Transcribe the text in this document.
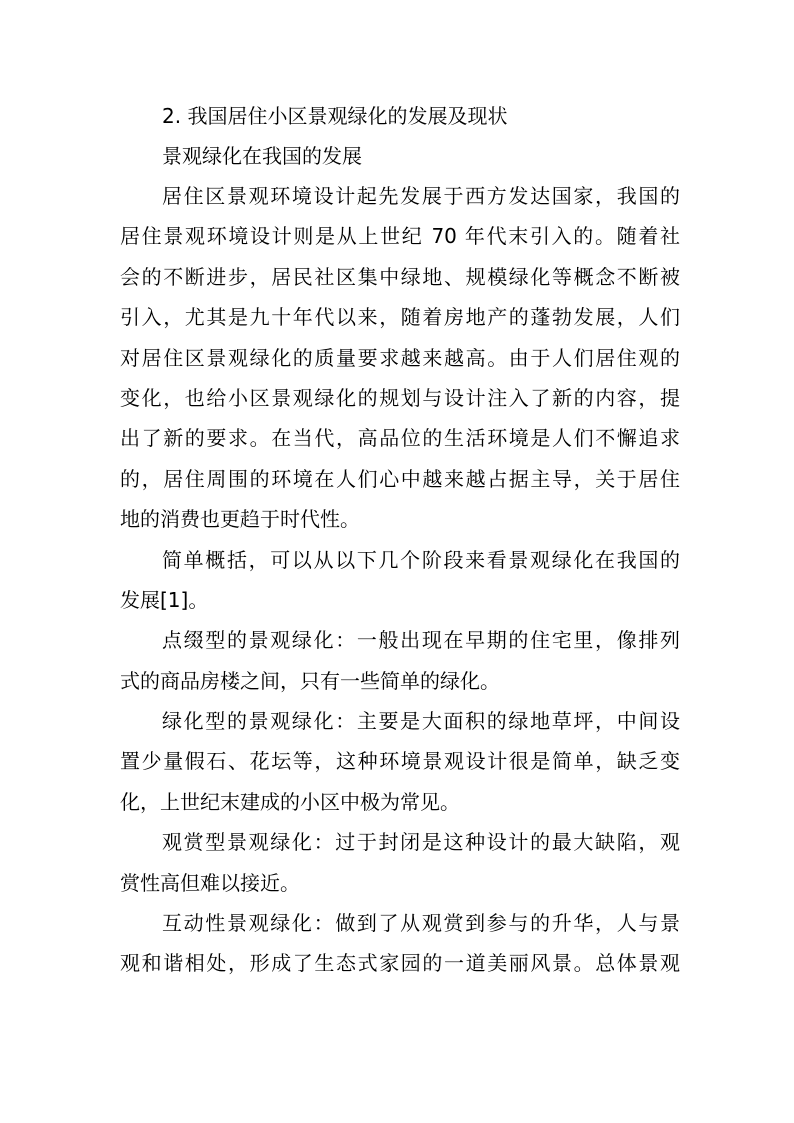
2. 我国居住小区景观绿化的发展及现状
景观绿化在我国的发展

居住区景观环境设计起先发展于西方发达国家，我国的
居住景观环境设计则是从上世纪 70 年代末引入的。随着社
会的不断进步，居民社区集中绿地、规模绿化等概念不断被
引入，尤其是九十年代以来，随着房地产的蓬勃发展，人们
对居住区景观绿化的质量要求越来越高。由于人们居住观的
变化，也给小区景观绿化的规划与设计注入了新的内容，提
出了新的要求。在当代，高品位的生活环境是人们不懈追求
的，居住周围的环境在人们心中越来越占据主导，关于居住
地的消费也更趋于时代性。

简单概括，可以从以下几个阶段来看景观绿化在我国的
发展[1]。

点缀型的景观绿化：一般出现在早期的住宅里，像排列
式的商品房楼之间，只有一些简单的绿化。

绿化型的景观绿化：主要是大面积的绿地草坪，中间设
置少量假石、花坛等，这种环境景观设计很是简单，缺乏变
化，上世纪末建成的小区中极为常见。

观赏型景观绿化：过于封闭是这种设计的最大缺陷，观
赏性高但难以接近。

互动性景观绿化：做到了从观赏到参与的升华，人与景
观和谐相处，形成了生态式家园的一道美丽风景。总体景观
